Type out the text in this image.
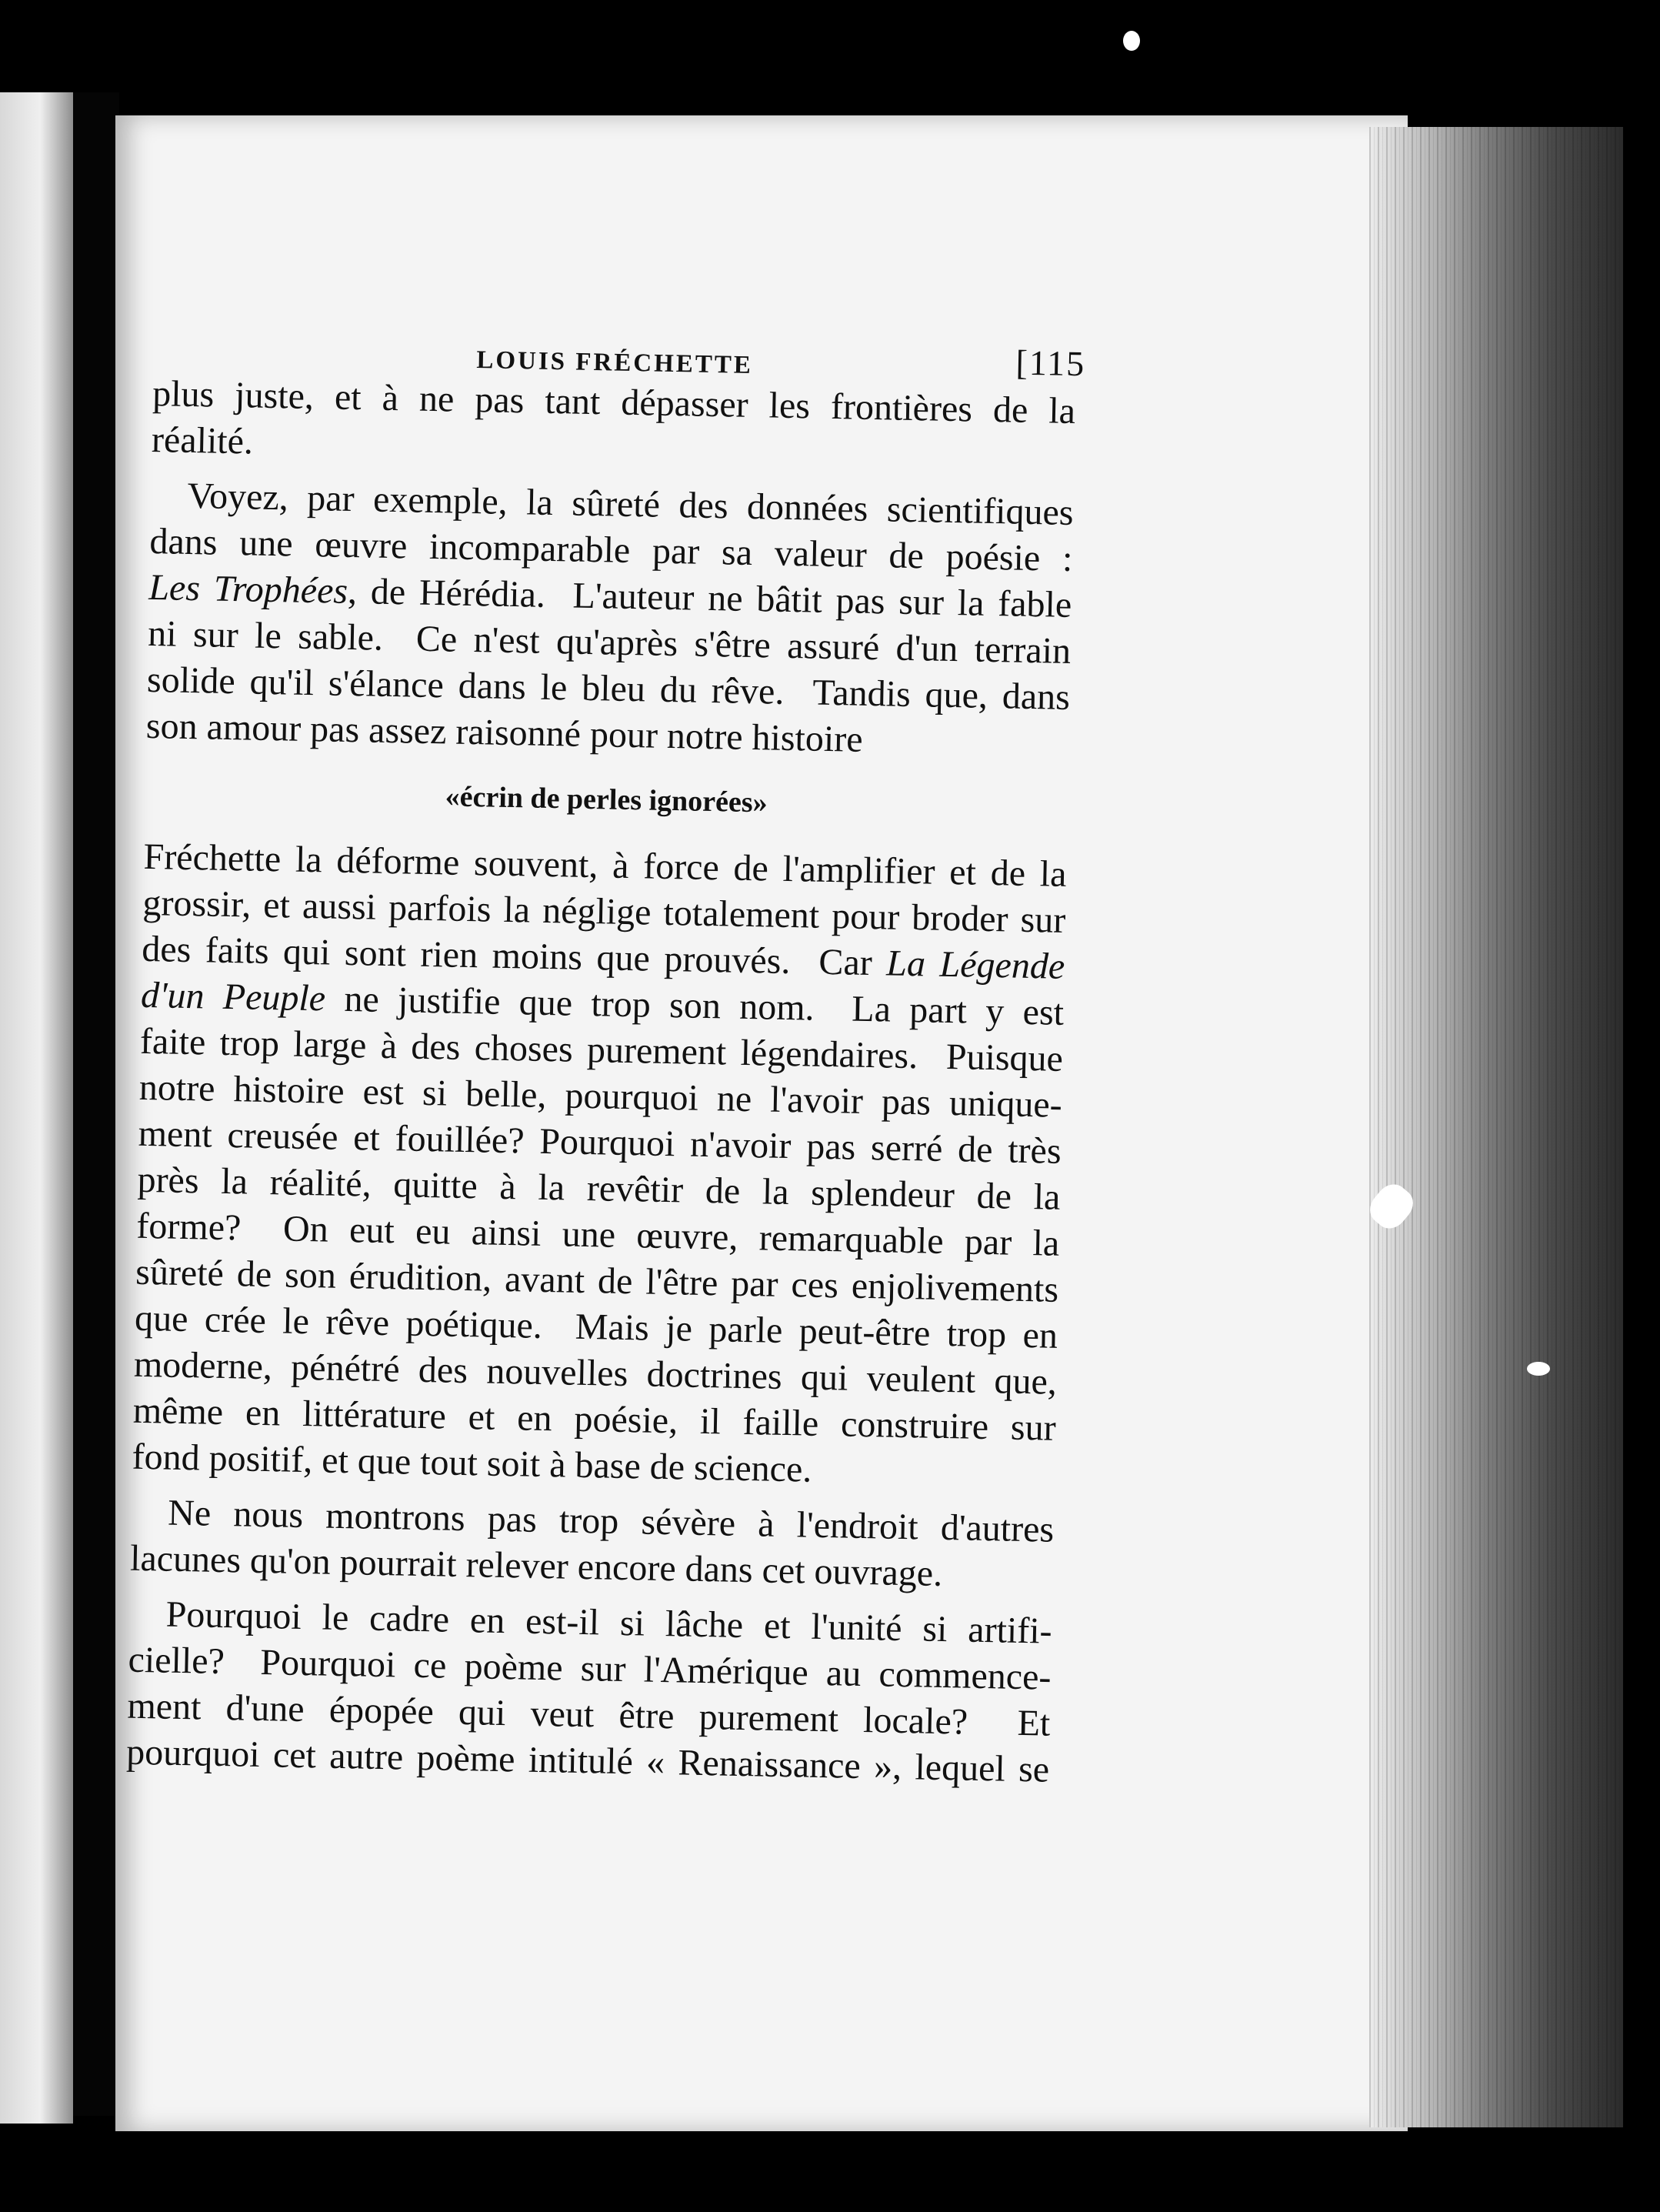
LOUIS FRÉCHETTE	[115
plus juste, et à ne pas tant dépasser les frontières de la
réalité.
Voyez, par exemple, la sûreté des données scientifiques
dans une œuvre incomparable par sa valeur de poésie :
Les Trophées, de Hérédia.  L'auteur ne bâtit pas sur la fable
ni sur le sable.  Ce n'est qu'après s'être assuré d'un terrain
solide qu'il s'élance dans le bleu du rêve.  Tandis que, dans
son amour pas assez raisonné pour notre histoire
«écrin de perles ignorées»
Fréchette la déforme souvent, à force de l'amplifier et de la
grossir, et aussi parfois la néglige totalement pour broder sur
des faits qui sont rien moins que prouvés.  Car La Légende
d'un Peuple ne justifie que trop son nom.  La part y est
faite trop large à des choses purement légendaires.  Puisque
notre histoire est si belle, pourquoi ne l'avoir pas unique-
ment creusée et fouillée? Pourquoi n'avoir pas serré de très
près la réalité, quitte à la revêtir de la splendeur de la
forme?  On eut eu ainsi une œuvre, remarquable par la
sûreté de son érudition, avant de l'être par ces enjolivements
que crée le rêve poétique.  Mais je parle peut-être trop en
moderne, pénétré des nouvelles doctrines qui veulent que,
même en littérature et en poésie, il faille construire sur
fond positif, et que tout soit à base de science.
Ne nous montrons pas trop sévère à l'endroit d'autres
lacunes qu'on pourrait relever encore dans cet ouvrage.
Pourquoi le cadre en est-il si lâche et l'unité si artifi-
cielle?  Pourquoi ce poème sur l'Amérique au commence-
ment d'une épopée qui veut être purement locale?  Et
pourquoi cet autre poème intitulé « Renaissance », lequel se
